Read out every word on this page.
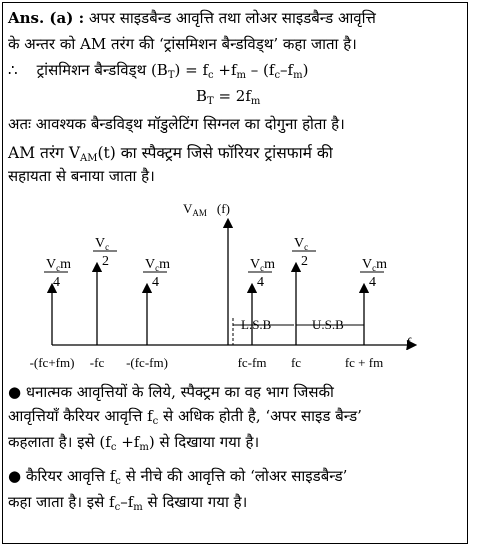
Ans. (a) : अपर साइडबैन्ड आवृत्ति तथा लोअर साइडबैन्ड आवृत्ति
के अन्तर को AM तरंग की ‘ट्रांसमिशन बैन्डविड्थ’ कहा जाता है।
∴ ट्रांसमिशन बैन्डविड्थ $(B_T) = f_c +f_m - (f_c-f_m)$
$B_T = 2f_m$
अतः आवश्यक बैन्डविड्थ मॉडुलेटिंग सिग्नल का दोगुना होता है।
AM तरंग $V_{AM}(t)$ का स्पैक्ट्रम जिसे फॉरियर ट्रांसफार्म की
सहायता से बनाया जाता है।
$V_{AM}$ (f)
f
$V_cm$
4
-(fc+fm)
$V_c$
2
-fc
$V_cm$
4
-(fc-fm)
$V_cm$
4
fc-fm
$V_c$
2
fc
$V_cm$
4
fc + fm
L.S.B	U.S.B
● धनात्मक आवृत्तियों के लिये, स्पैक्ट्रम का वह भाग जिसकी
आवृत्तियाँ कैरियर आवृत्ति $f_c$ से अधिक होती है, ‘अपर साइड बैन्ड’
कहलाता है। इसे $(f_c +f_m)$ से दिखाया गया है।
● कैरियर आवृत्ति $f_c$ से नीचे की आवृत्ति को ‘लोअर साइडबैन्ड’
कहा जाता है। इसे $f_c-f_m$ से दिखाया गया है।
